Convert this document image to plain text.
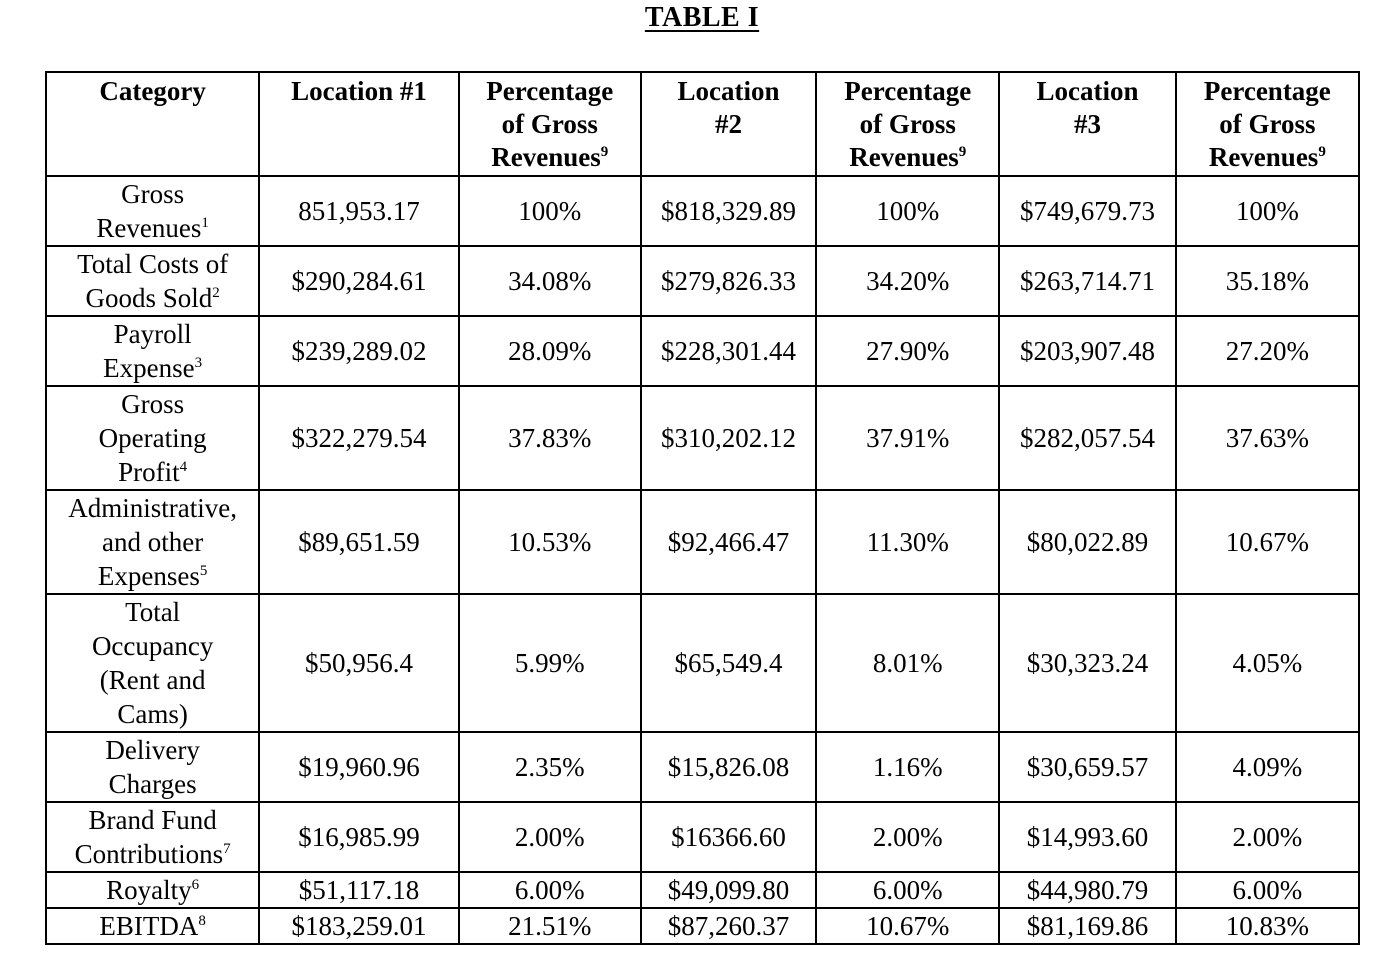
TABLE I
Category	Location #1	Percentage
of Gross
Revenues$^9$	Location
#2	Percentage
of Gross
Revenues$^9$	Location
#3	Percentage
of Gross
Revenues$^9$
Gross
Revenues$^1$	851,953.17	100%	$818,329.89	100%	$749,679.73	100%
Total Costs of
Goods Sold$^2$	$290,284.61	34.08%	$279,826.33	34.20%	$263,714.71	35.18%
Payroll
Expense$^3$	$239,289.02	28.09%	$228,301.44	27.90%	$203,907.48	27.20%
Gross
Operating
Profit$^4$	$322,279.54	37.83%	$310,202.12	37.91%	$282,057.54	37.63%
Administrative,
and other
Expenses$^5$	$89,651.59	10.53%	$92,466.47	11.30%	$80,022.89	10.67%
Total
Occupancy
(Rent and
Cams)	$50,956.4	5.99%	$65,549.4	8.01%	$30,323.24	4.05%
Delivery
Charges	$19,960.96	2.35%	$15,826.08	1.16%	$30,659.57	4.09%
Brand Fund
Contributions$^7$	$16,985.99	2.00%	$16366.60	2.00%	$14,993.60	2.00%
Royalty$^6$	$51,117.18	6.00%	$49,099.80	6.00%	$44,980.79	6.00%
EBITDA$^8$	$183,259.01	21.51%	$87,260.37	10.67%	$81,169.86	10.83%
